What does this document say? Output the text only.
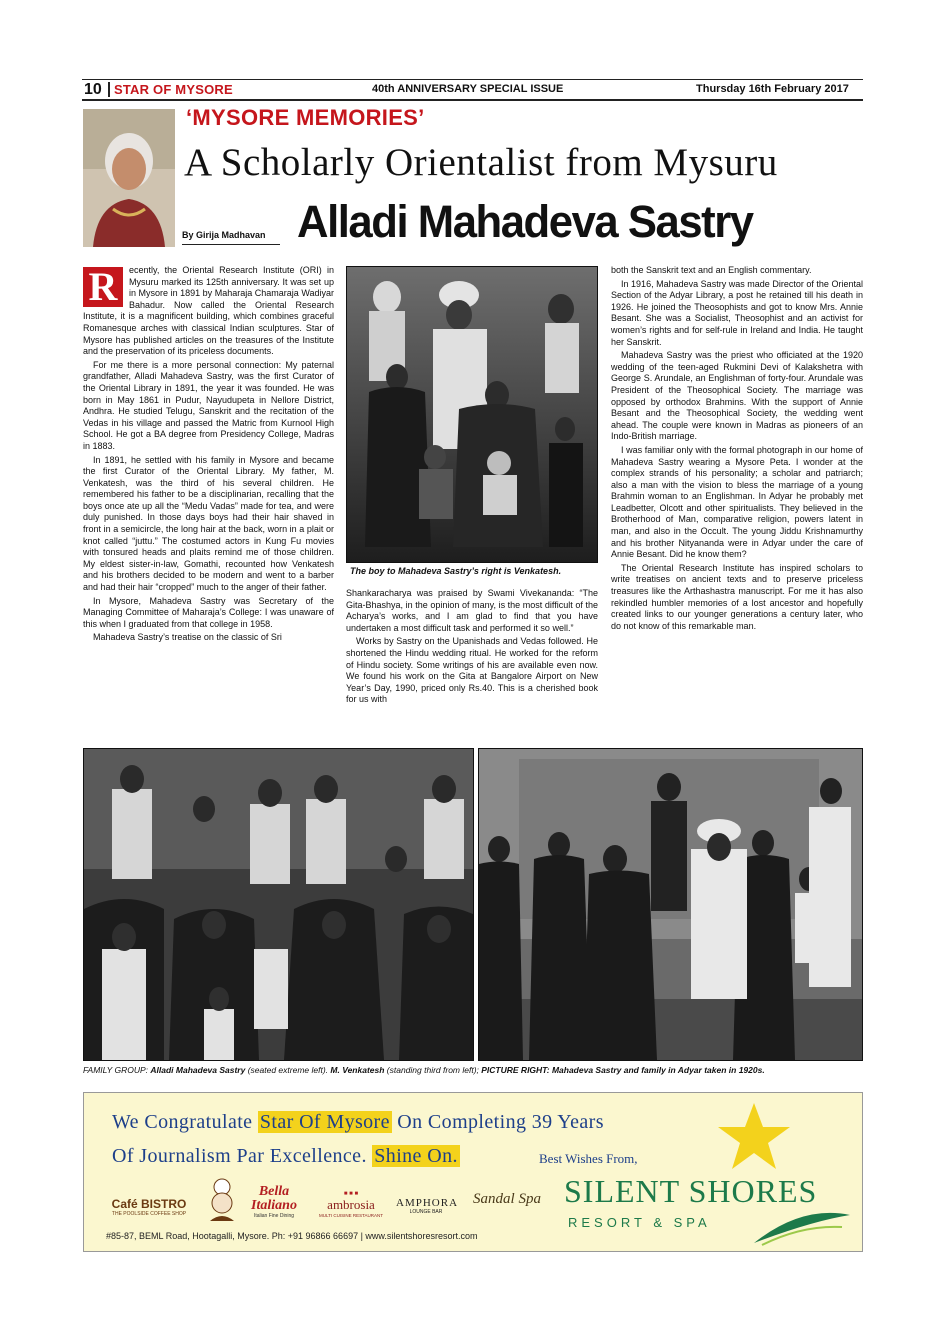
10 STAR OF MYSORE	40th ANNIVERSARY SPECIAL ISSUE	Thursday 16th February 2017
By Girija Madhavan
‘MYSORE MEMORIES’
A Scholarly Orientalist from Mysuru
Alladi Mahadeva Sastry
R	ecently, the Oriental Research Institute (ORI) in Mysuru marked its 125th anniversary. It was set up in Mysore in 1891 by Maharaja Chamaraja Wadiyar Bahadur. Now called the Oriental Research Institute, it is a magnificent building, which combines graceful Romanesque arches with classical Indian sculptures. Star of Mysore has published articles on the treasures of the Institute and the preservation of its priceless documents.

For me there is a more personal connection: My paternal grandfather, Alladi Mahadeva Sastry, was the first Curator of the Oriental Library in 1891, the year it was founded. He was born in May 1861 in Pudur, Nayudupeta in Nellore District, Andhra. He studied Telugu, Sanskrit and the recitation of the Vedas in his village and passed the Matric from Kurnool High School. He got a BA degree from Presidency College, Madras in 1883.

In 1891, he settled with his family in Mysore and became the first Curator of the Oriental Library. My father, M. Venkatesh, was the third of his several children. He remembered his father to be a disciplinarian, recalling that the boys once ate up all the “Medu Vadas” made for tea, and were duly punished. In those days boys had their hair shaved in front in a semicircle, the long hair at the back, worn in a plait or knot called “juttu.” The costumed actors in Kung Fu movies with tonsured heads and plaits remind me of those children. My eldest sister-in-law, Gomathi, recounted how Venkatesh and his brothers decided to be modern and went to a barber and had their hair “cropped” much to the anger of their father.

In Mysore, Mahadeva Sastry was Secretary of the Managing Committee of Maharaja’s College: I was unaware of this when I graduated from that college in 1958.

Mahadeva Sastry’s treatise on the classic of Sri

The boy to Mahadeva Sastry’s right is Venkatesh.

Shankaracharya was praised by Swami Vivekananda: “The Gita-Bhashya, in the opinion of many, is the most difficult of the Acharya’s works, and I am glad to find that you have undertaken a most difficult task and performed it so well.”

Works by Sastry on the Upanishads and Vedas followed. He shortened the Hindu wedding ritual. He worked for the reform of Hindu society. Some writings of his are available even now. We found his work on the Gita at Bangalore Airport on New Year’s Day, 1990, priced only Rs.40. This is a cherished book for us with

both the Sanskrit text and an English commentary.

In 1916, Mahadeva Sastry was made Director of the Oriental Section of the Adyar Library, a post he retained till his death in 1926. He joined the Theosophists and got to know Mrs. Annie Besant. She was a Socialist, Theosophist and an activist for women’s rights and for self-rule in Ireland and India. He taught her Sanskrit.

Mahadeva Sastry was the priest who officiated at the 1920 wedding of the teen-aged Rukmini Devi of Kalakshetra with George S. Arundale, an Englishman of forty-four. Arundale was President of the Theosophical Society. The marriage was opposed by orthodox Brahmins. With the support of Annie Besant and the Theosophical Society, the wedding went ahead. The couple were known in Madras as pioneers of an Indo-British marriage.

I was familiar only with the formal photograph in our home of Mahadeva Sastry wearing a Mysore Peta. I wonder at the complex strands of his personality; a scholar and patriarch; also a man with the vision to bless the marriage of a young Brahmin woman to an Englishman. In Adyar he probably met Leadbetter, Olcott and other spiritualists. They believed in the Brotherhood of Man, comparative religion, powers latent in man, and also in the Occult. The young Jiddu Krishnamurthy and his brother Nityananda were in Adyar under the care of Annie Besant. Did he know them?

The Oriental Research Institute has inspired scholars to write treatises on ancient texts and to preserve priceless treasures like the Arthashastra manuscript. For me it has also rekindled humbler memories of a lost ancestor and hopefully created links to our younger generations a century later, who do not know of this remarkable man.

FAMILY GROUP: Alladi Mahadeva Sastry (seated extreme left). M. Venkatesh (standing third from left); PICTURE RIGHT: Mahadeva Sastry and family in Adyar taken in 1920s.
We Congratulate Star Of Mysore On Completing 39 Years
Of Journalism Par Excellence. Shine On.	Best Wishes From,
SILENT SHORES
RESORT & SPA
Café BISTRO
THE POOLSIDE COFFEE SHOP
Bella Italiano
Italian Fine Dining
■ ■ ■
ambrosia
MULTI CUISINE RESTAURANT
AMPHORA
LOUNGE BAR
Sandal Spa
#85-87, BEML Road, Hootagalli, Mysore. Ph: +91 96866 66697 | www.silentshoresresort.com
